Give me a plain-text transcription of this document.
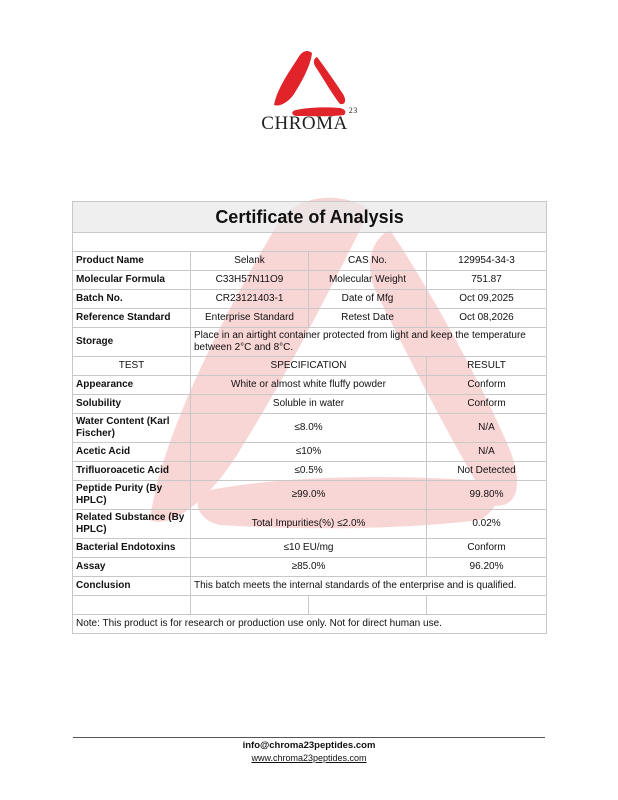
CHROMA$^{23}$
Certificate of Analysis			

Product Name	Selank	CAS No.	129954-34-3
Molecular Formula	C33H57N11O9	Molecular Weight	751.87
Batch No.	CR23121403-1	Date of Mfg	Oct 09,2025
Reference Standard	Enterprise Standard	Retest Date	Oct 08,2026
Storage	Place in an airtight container protected from light and keep the temperature between 2°C and 8°C.		
TEST	SPECIFICATION		RESULT
Appearance	White or almost white fluffy powder		Conform
Solubility	Soluble in water		Conform
Water Content (Karl Fischer)	≤8.0%		N/A
Acetic Acid	≤10%		N/A
Trifluoroacetic Acid	≤0.5%		Not Detected
Peptide Purity (By HPLC)	≥99.0%		99.80%
Related Substance (By HPLC)	Total Impurities(%) ≤2.0%		0.02%
Bacterial Endotoxins	≤10 EU/mg		Conform
Assay	≥85.0%		96.20%
Conclusion	This batch meets the internal standards of the enterprise and is qualified.		

Note: This product is for research or production use only. Not for direct human use.			
info@chroma23peptides.com
www.chroma23peptides.com
